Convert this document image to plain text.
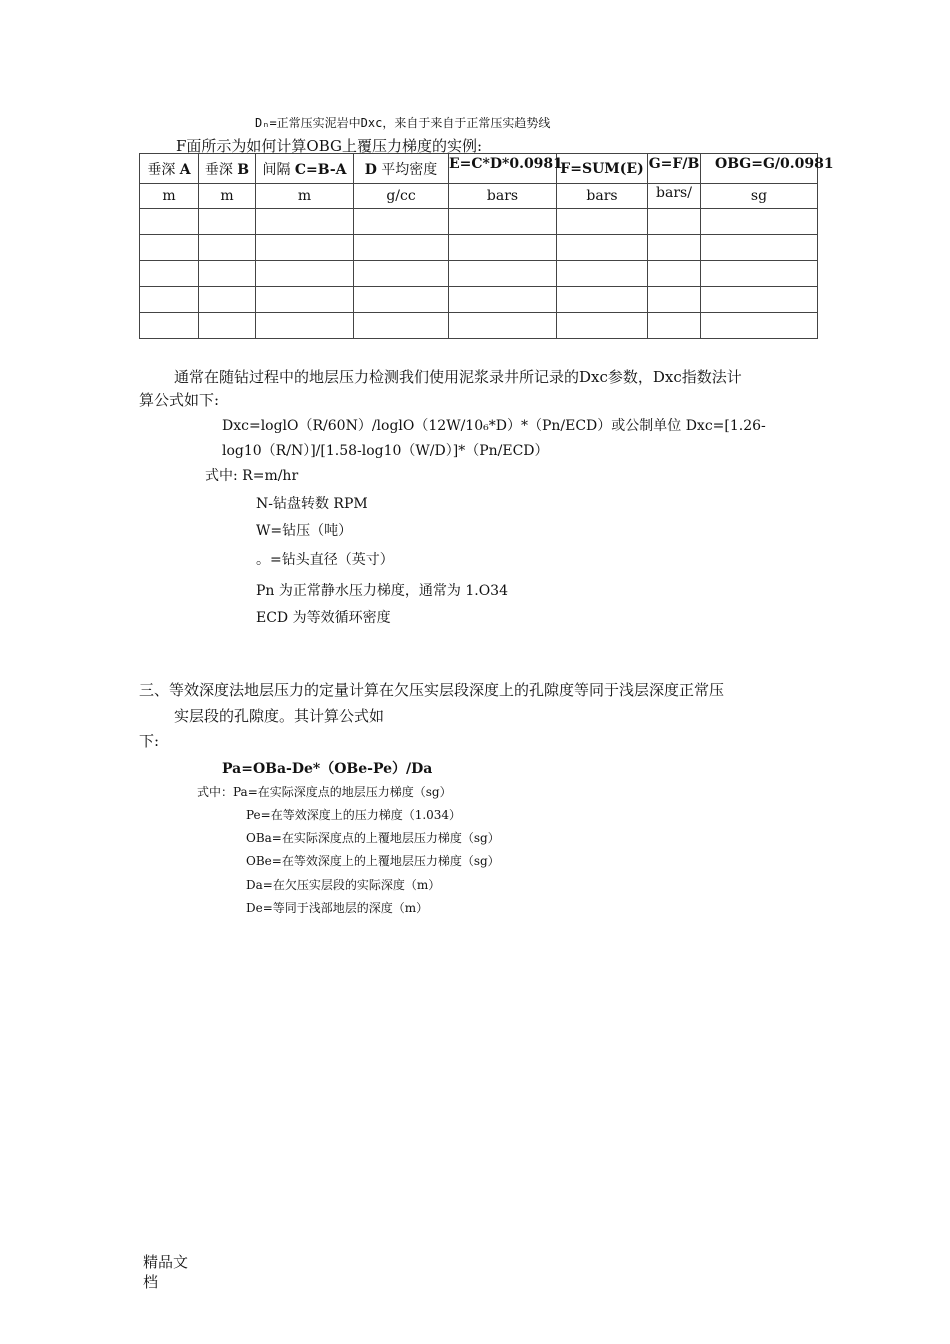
Dₙ=正常压实泥岩中Dxc，来自于来自于正常压实趋势线
F面所示为如何计算OBG上覆压力梯度的实例:
垂深 A	垂深 B	间隔 C=B-A	D 平均密度	E=C*D*0.0981	F=SUM(E)	G=F/B	OBG=G/0.0981

m	m	m	g/cc	bars	bars	bars/	sg

通常在随钻过程中的地层压力检测我们使用泥浆录井所记录的Dxc参数，Dxc指数法计
算公式如下:
Dxc=loglO（R/60N）/loglO（12W/10₆*D）*（Pn/ECD）或公制单位 Dxc=[1.26-
log10（R/N）]/[1.58-log10（W/D）]*（Pn/ECD）
式中: R=m/hr
N-钻盘转数 RPM
W=钻压（吨）
。=钻头直径（英寸）
Pn 为正常静水压力梯度，通常为 1.O34
ECD 为等效循环密度
三、等效深度法地层压力的定量计算在欠压实层段深度上的孔隙度等同于浅层深度正常压
实层段的孔隙度。其计算公式如
下:
Pa=OBa-De*（OBe-Pe）/Da
式中：Pa=在实际深度点的地层压力梯度（sg）
Pe=在等效深度上的压力梯度（1.034）
OBa=在实际深度点的上覆地层压力梯度（sg）
OBe=在等效深度上的上覆地层压力梯度（sg）
Da=在欠压实层段的实际深度（m）
De=等同于浅部地层的深度（m）
精品文
档
